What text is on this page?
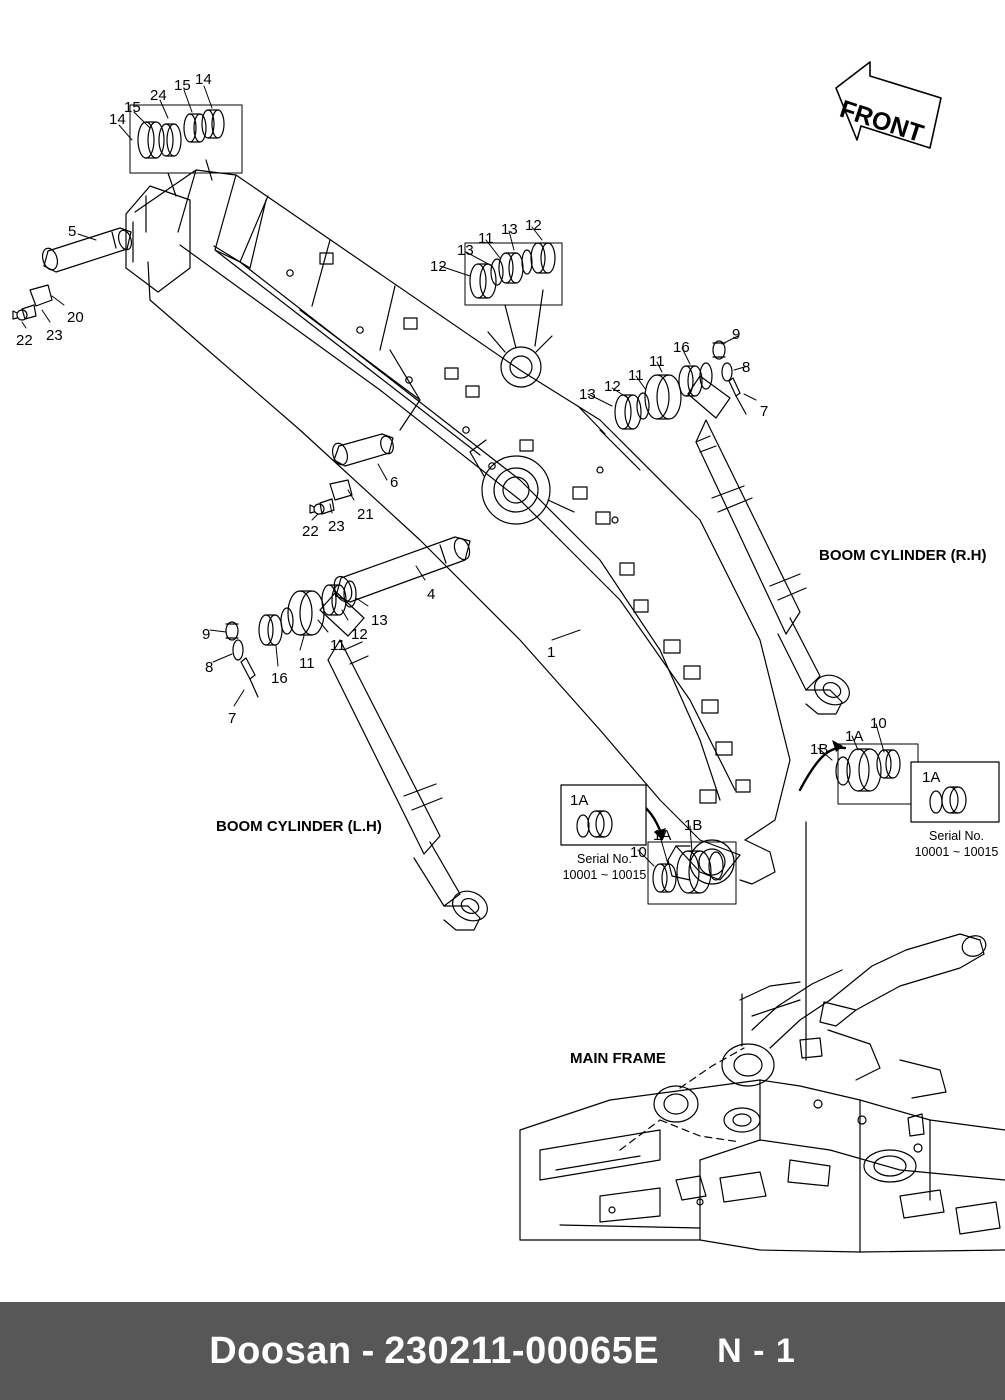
14
15
24
15 14
5
20
23
22
12
13
11
13 12
13 12
11
11
16
9
8
7
6
21
23
22
4
13
12
11
11
16
9
8
7
1
1B
1A
10
1A
1B
10
BOOM CYLINDER (R.H)
BOOM CYLINDER (L.H)
MAIN FRAME
FRONT
1A
Serial No.
10001 ~ 10015
1A
Serial No.
10001 ~ 10015
Doosan - 230211-00065E N - 1
